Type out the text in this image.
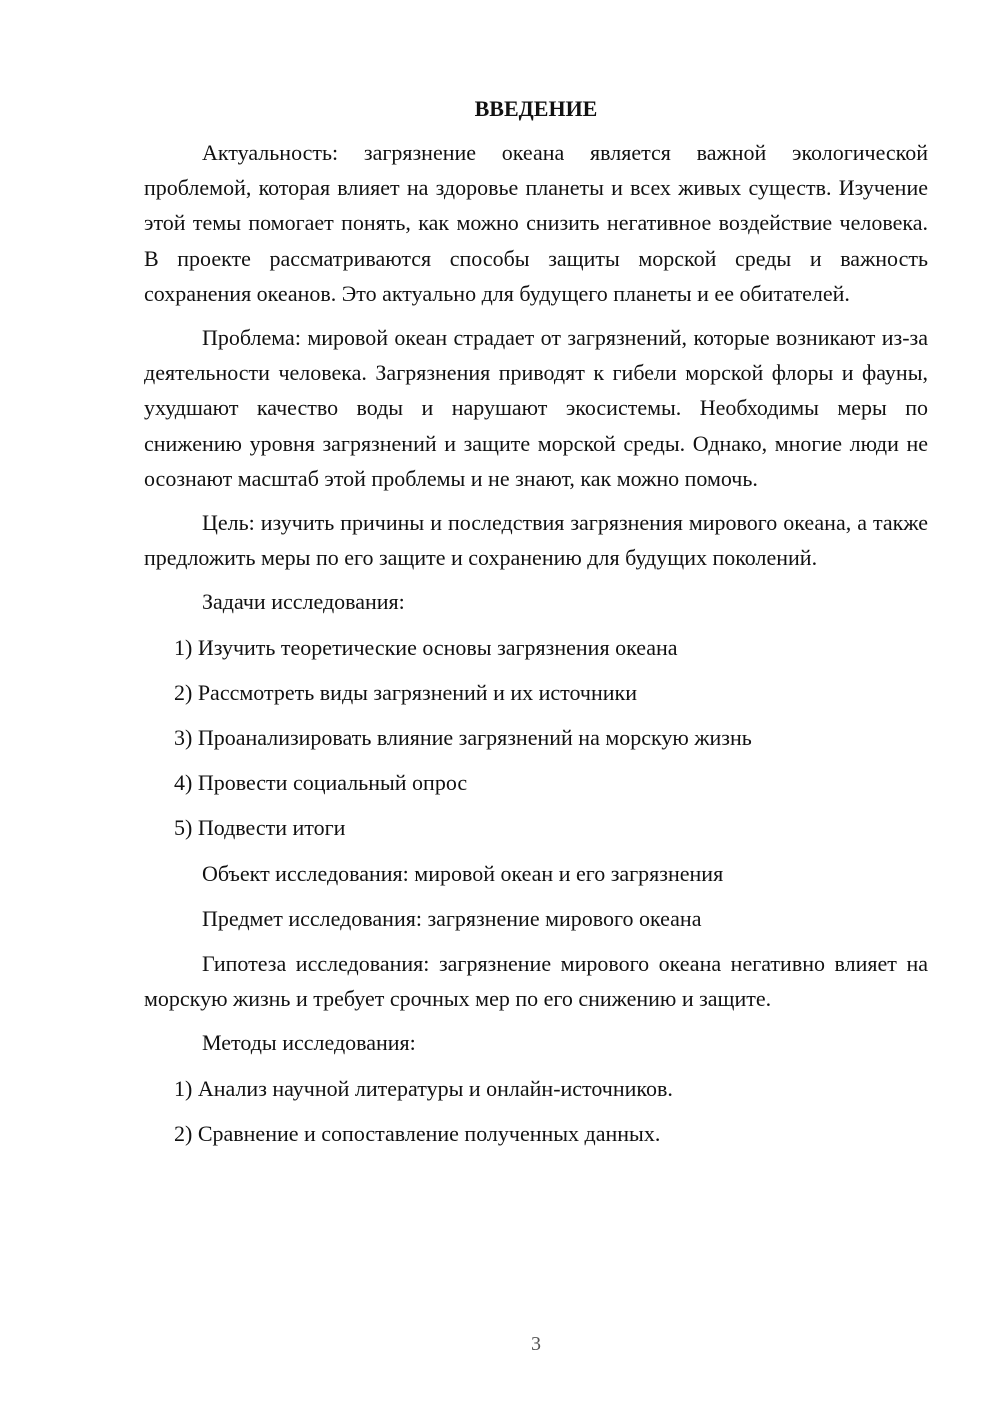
ВВЕДЕНИЕ

Актуальность: загрязнение океана является важной экологической проблемой, которая влияет на здоровье планеты и всех живых существ. Изучение этой темы помогает понять, как можно снизить негативное воздействие человека. В проекте рассматриваются способы защиты морской среды и важность сохранения океанов. Это актуально для будущего планеты и ее обитателей.

Проблема: мировой океан страдает от загрязнений, которые возникают из-за деятельности человека. Загрязнения приводят к гибели морской флоры и фауны, ухудшают качество воды и нарушают экосистемы. Необходимы меры по снижению уровня загрязнений и защите морской среды. Однако, многие люди не осознают масштаб этой проблемы и не знают, как можно помочь.

Цель: изучить причины и последствия загрязнения мирового океана, а также предложить меры по его защите и сохранению для будущих поколений.

Задачи исследования:
1) Изучить теоретические основы загрязнения океана
2) Рассмотреть виды загрязнений и их источники
3) Проанализировать влияние загрязнений на морскую жизнь
4) Провести социальный опрос
5) Подвести итоги
Объект исследования: мировой океан и его загрязнения
Предмет исследования: загрязнение мирового океана

Гипотеза исследования: загрязнение мирового океана негативно влияет на морскую жизнь и требует срочных мер по его снижению и защите.

Методы исследования:
1) Анализ научной литературы и онлайн-источников.
2) Сравнение и сопоставление полученных данных.
3
